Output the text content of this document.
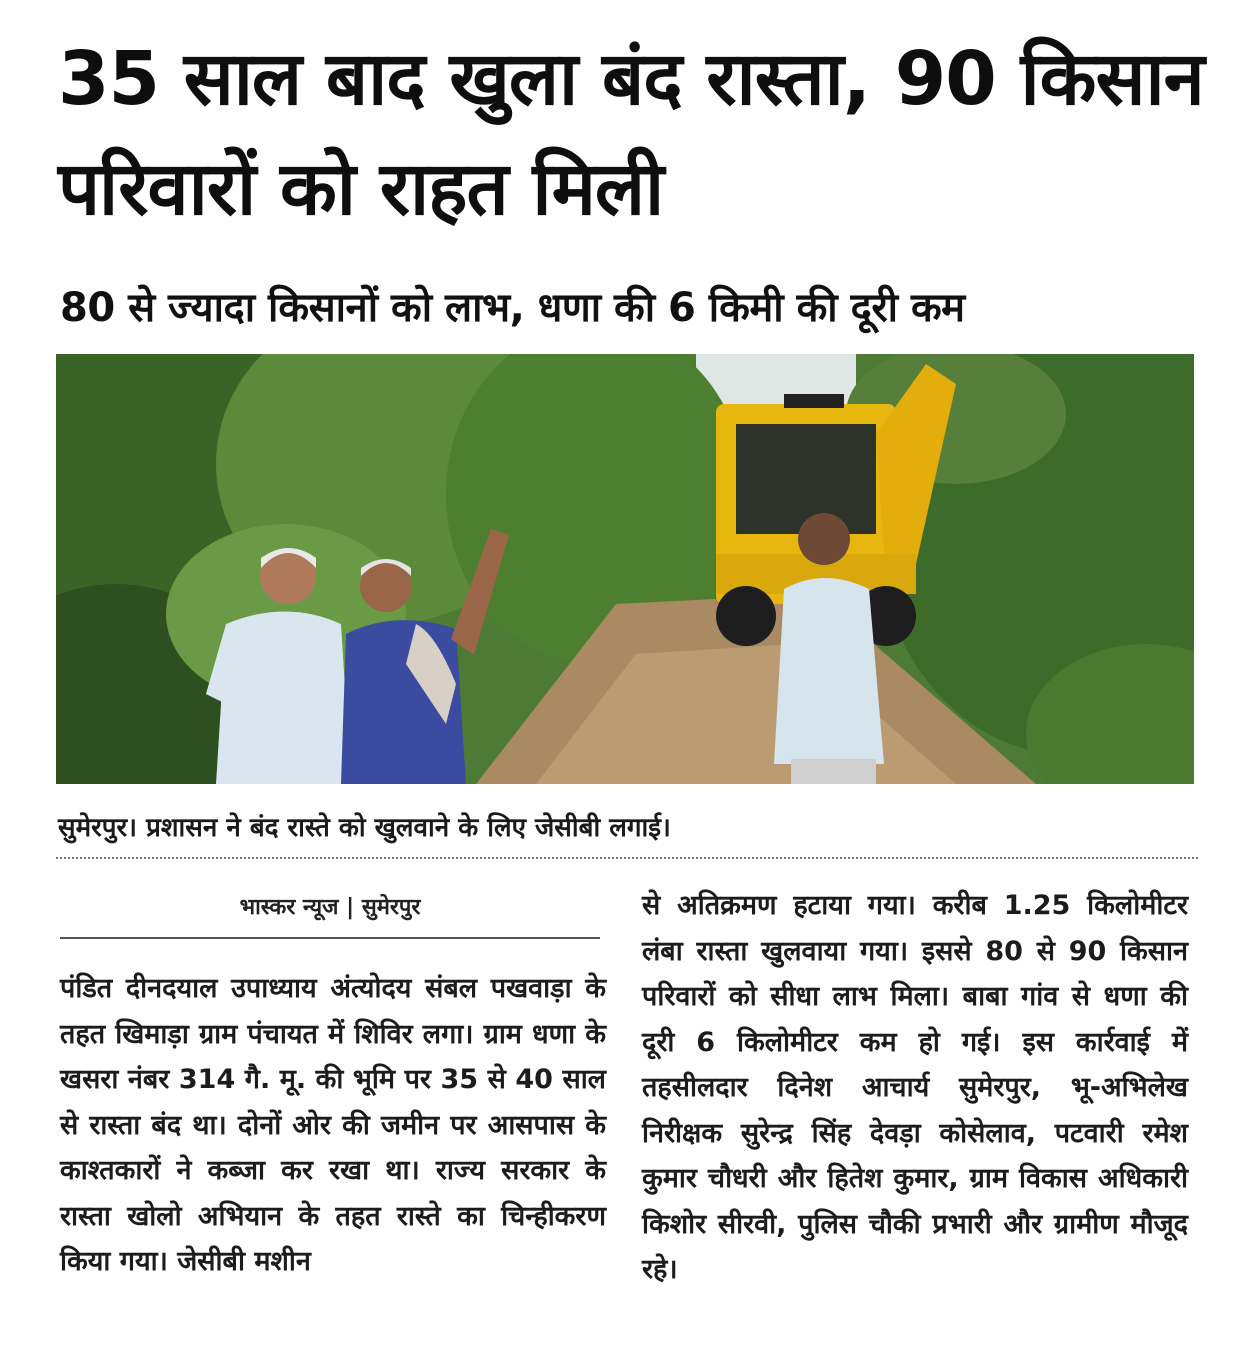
35 साल बाद खुला बंद रास्ता, 90 किसान परिवारों को राहत मिली
80 से ज्यादा किसानों को लाभ, धणा की 6 किमी की दूरी कम
सुमेरपुर। प्रशासन ने बंद रास्ते को खुलवाने के लिए जेसीबी लगाई।
भास्कर न्यूज | सुमेरपुर
पंडित दीनदयाल उपाध्याय अंत्योदय संबल पखवाड़ा के तहत खिमाड़ा ग्राम पंचायत में शिविर लगा। ग्राम धणा के खसरा नंबर 314 गै. मू. की भूमि पर 35 से 40 साल से रास्ता बंद था। दोनों ओर की जमीन पर आसपास के काश्तकारों ने कब्जा कर रखा था। राज्य सरकार के रास्ता खोलो अभियान के तहत रास्ते का चिन्हीकरण किया गया। जेसीबी मशीन
से अतिक्रमण हटाया गया। करीब 1.25 किलोमीटर लंबा रास्ता खुलवाया गया। इससे 80 से 90 किसान परिवारों को सीधा लाभ मिला। बाबा गांव से धणा की दूरी 6 किलोमीटर कम हो गई। इस कार्रवाई में तहसीलदार दिनेश आचार्य सुमेरपुर, भू-अभिलेख निरीक्षक सुरेन्द्र सिंह देवड़ा कोसेलाव, पटवारी रमेश कुमार चौधरी और हितेश कुमार, ग्राम विकास अधिकारी किशोर सीरवी, पुलिस चौकी प्रभारी और ग्रामीण मौजूद रहे।
